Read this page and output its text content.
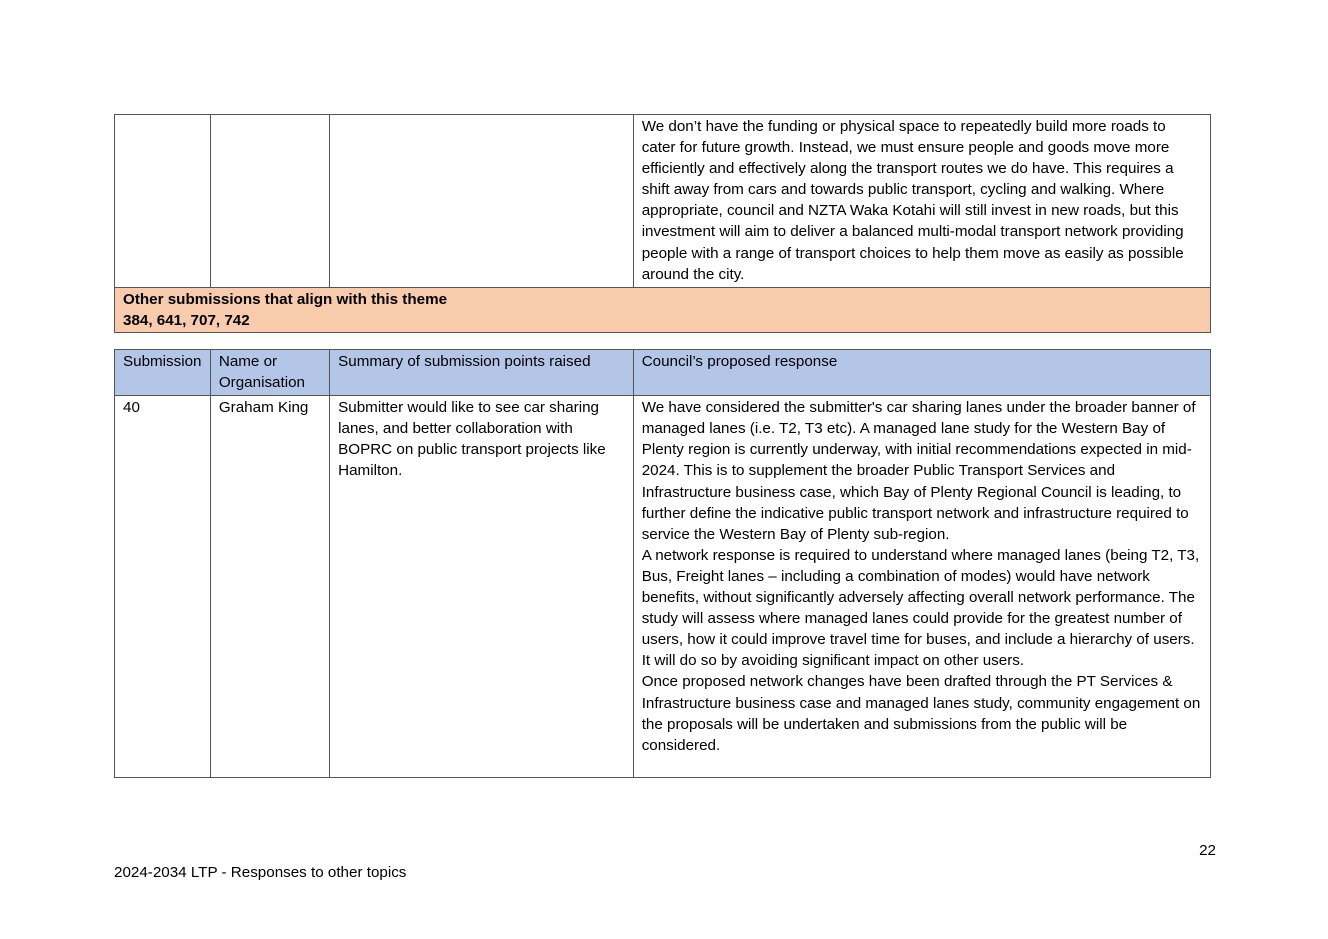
			We don’t have the funding or physical space to repeatedly build more roads to cater for future growth. Instead, we must ensure people and goods move more efficiently and effectively along the transport routes we do have. This requires a shift away from cars and towards public transport, cycling and walking. Where appropriate, council and NZTA Waka Kotahi will still invest in new roads, but this investment will aim to deliver a balanced multi-modal transport network providing people with a range of transport choices to help them move as easily as possible around the city.

Other submissions that align with this theme
384, 641, 707, 742
Submission	Name or Organisation	Summary of submission points raised	Council’s proposed response
40	Graham King	Submitter would like to see car sharing lanes, and better collaboration with BOPRC on public transport projects like Hamilton.	We have considered the submitter's car sharing lanes under the broader banner of managed lanes (i.e. T2, T3 etc). A managed lane study for the Western Bay of Plenty region is currently underway, with initial recommendations expected in mid-2024. This is to supplement the broader Public Transport Services and Infrastructure business case, which Bay of Plenty Regional Council is leading, to further define the indicative public transport network and infrastructure required to service the Western Bay of Plenty sub-region.
A network response is required to understand where managed lanes (being T2, T3, Bus, Freight lanes – including a combination of modes) would have network benefits, without significantly adversely affecting overall network performance. The study will assess where managed lanes could provide for the greatest number of users, how it could improve travel time for buses, and include a hierarchy of users. It will do so by avoiding significant impact on other users.
Once proposed network changes have been drafted through the PT Services & Infrastructure business case and managed lanes study, community engagement on the proposals will be undertaken and submissions from the public will be considered.
22
2024-2034 LTP - Responses to other topics
